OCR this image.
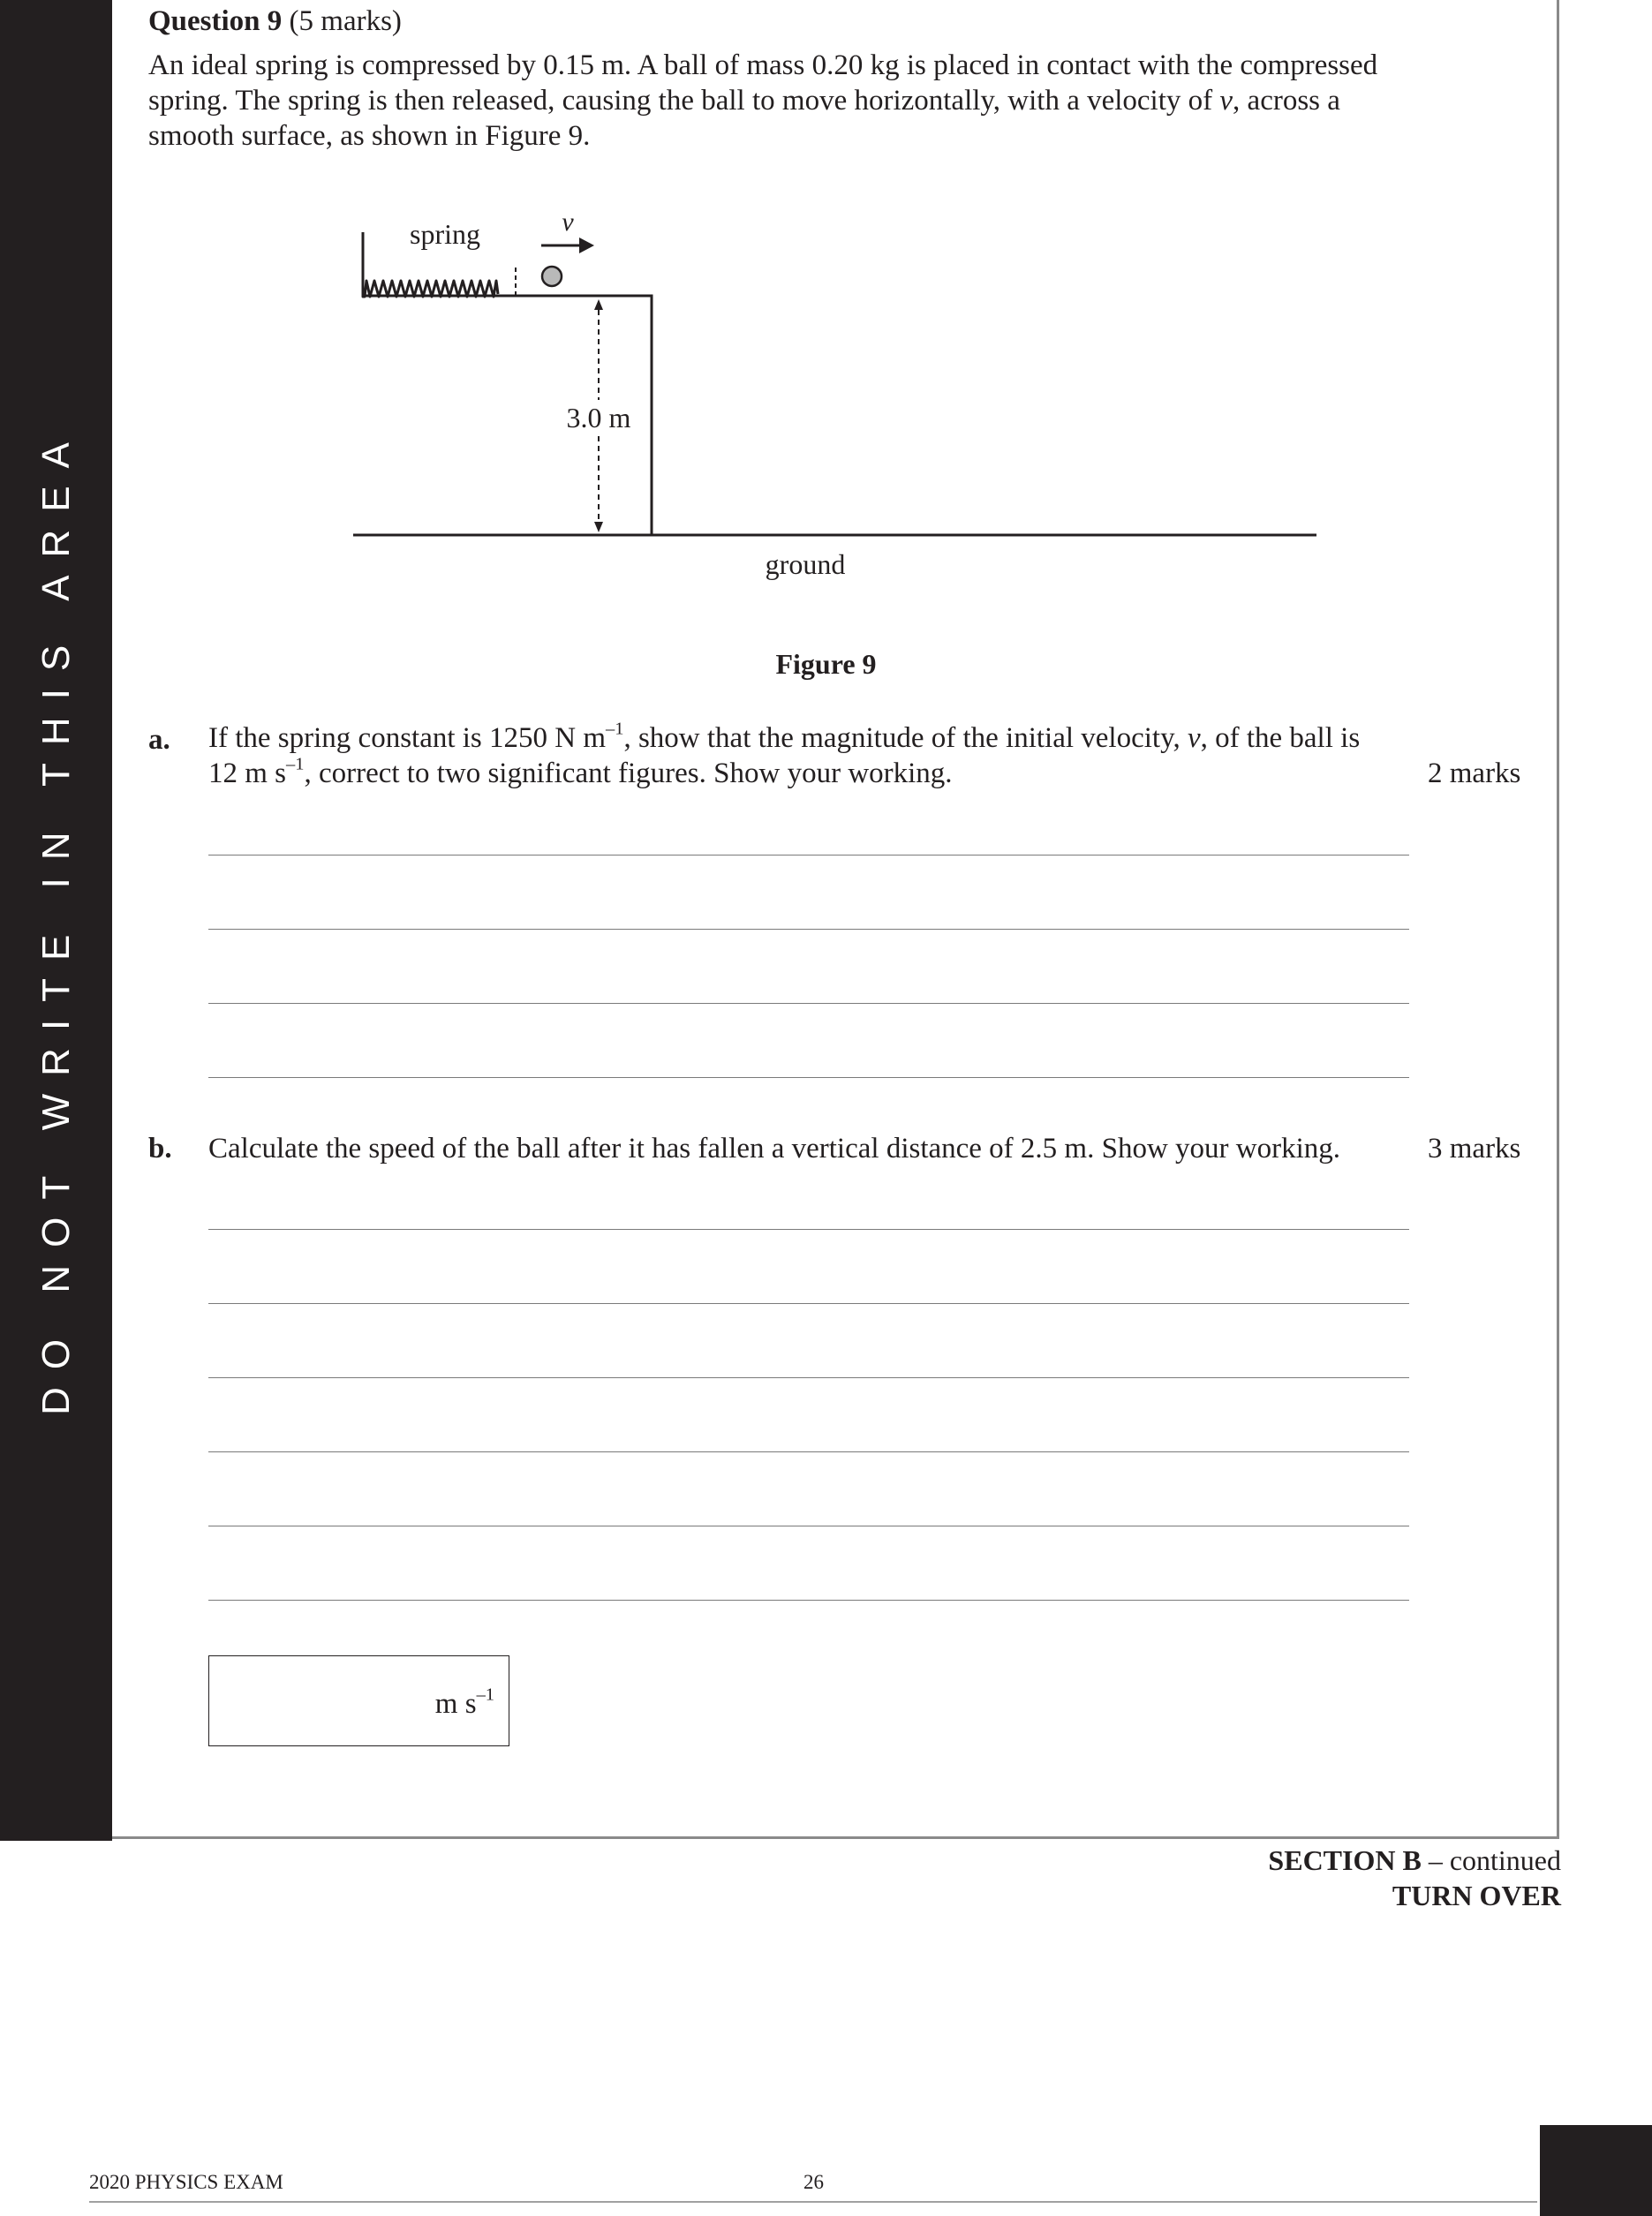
DO NOT WRITE IN THIS AREA
Question 9 (5 marks)
An ideal spring is compressed by 0.15 m. A ball of mass 0.20 kg is placed in contact with the compressed spring. The spring is then released, causing the ball to move horizontally, with a velocity of v, across a smooth surface, as shown in Figure 9.
spring	v
3.0 m
ground
Figure 9
a. If the spring constant is 1250 N $m^{-1}$, show that the magnitude of the initial velocity, v, of the ball is 12 m $s^{-1}$, correct to two significant figures. Show your working.	2 marks
b. Calculate the speed of the ball after it has fallen a vertical distance of 2.5 m. Show your working.	3 marks
m $s^{-1}$
SECTION B – continued
TURN OVER
2020 PHYSICS EXAM	26
